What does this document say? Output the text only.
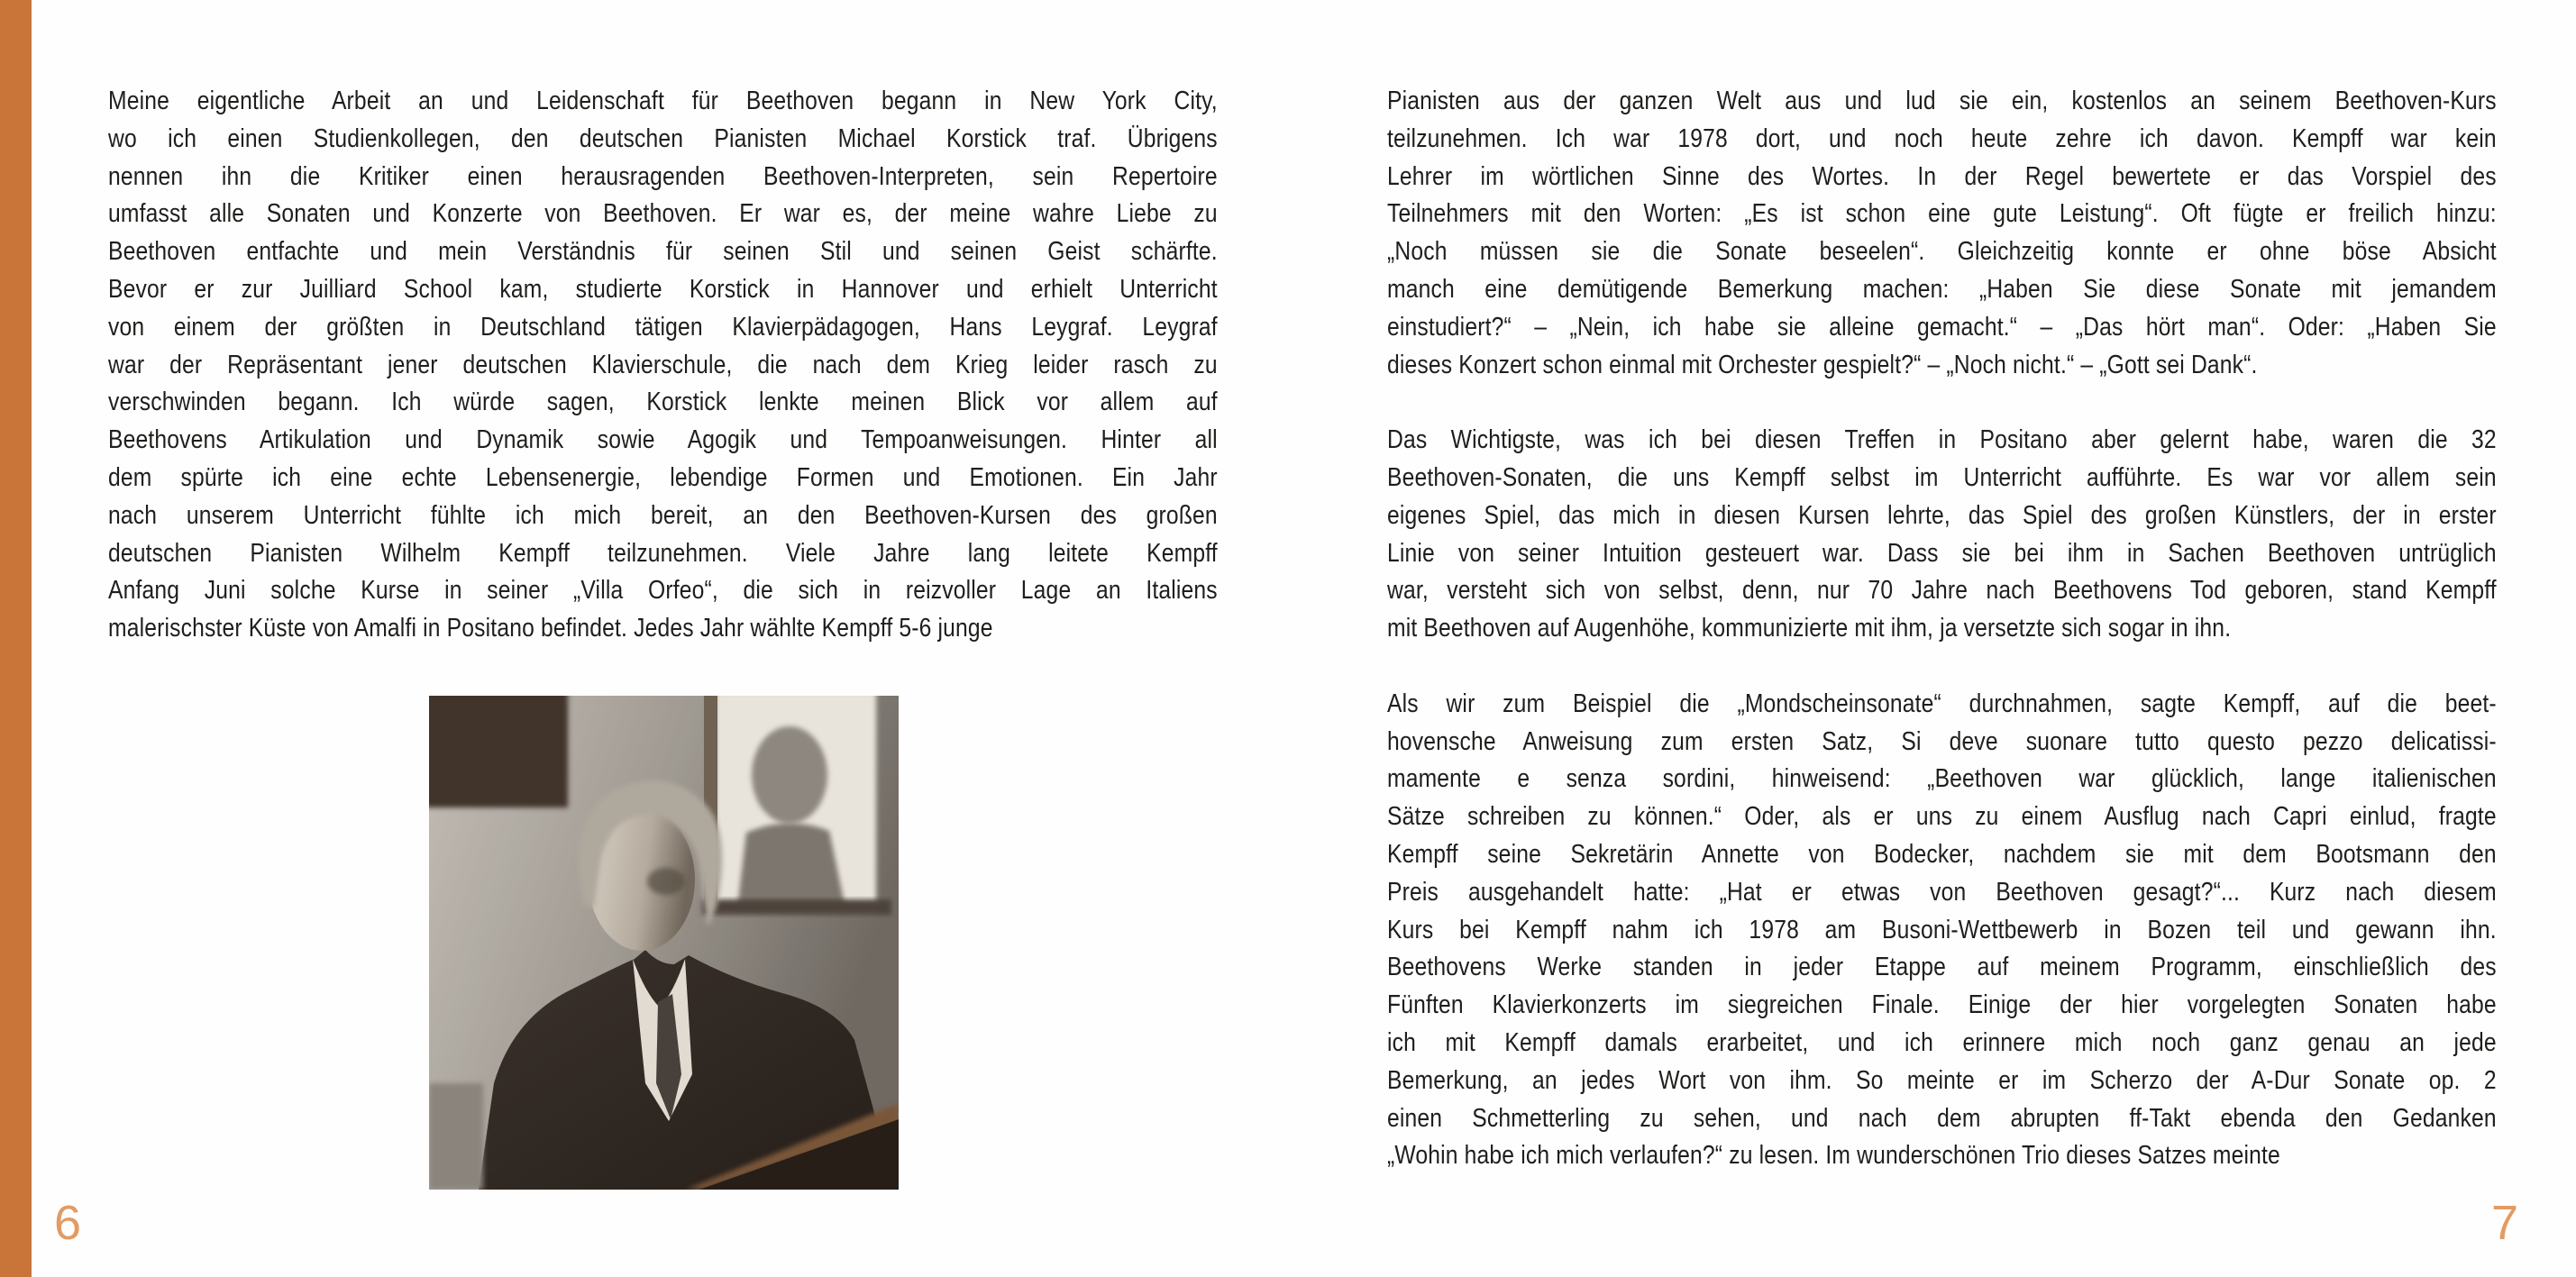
Meine eigentliche Arbeit an und Leidenschaft für Beethoven begann in New York City,
wo ich einen Studienkollegen, den deutschen Pianisten Michael Korstick traf. Übrigens
nennen ihn die Kritiker einen herausragenden Beethoven-Interpreten, sein Repertoire
umfasst alle Sonaten und Konzerte von Beethoven. Er war es, der meine wahre Liebe zu
Beethoven entfachte und mein Verständnis für seinen Stil und seinen Geist schärfte.
Bevor er zur Juilliard School kam, studierte Korstick in Hannover und erhielt Unterricht
von einem der größten in Deutschland tätigen Klavierpädagogen, Hans Leygraf. Leygraf
war der Repräsentant jener deutschen Klavierschule, die nach dem Krieg leider rasch zu
verschwinden begann. Ich würde sagen, Korstick lenkte meinen Blick vor allem auf
Beethovens Artikulation und Dynamik sowie Agogik und Tempoanweisungen. Hinter all
dem spürte ich eine echte Lebensenergie, lebendige Formen und Emotionen. Ein Jahr
nach unserem Unterricht fühlte ich mich bereit, an den Beethoven-Kursen des großen
deutschen Pianisten Wilhelm Kempff teilzunehmen. Viele Jahre lang leitete Kempff
Anfang Juni solche Kurse in seiner „Villa Orfeo“, die sich in reizvoller Lage an Italiens
malerischster Küste von Amalfi in Positano befindet. Jedes Jahr wählte Kempff 5-6 junge

6

Pianisten aus der ganzen Welt aus und lud sie ein, kostenlos an seinem Beethoven-Kurs
teilzunehmen. Ich war 1978 dort, und noch heute zehre ich davon. Kempff war kein
Lehrer im wörtlichen Sinne des Wortes. In der Regel bewertete er das Vorspiel des
Teilnehmers mit den Worten: „Es ist schon eine gute Leistung“. Oft fügte er freilich hinzu:
„Noch müssen sie die Sonate beseelen“. Gleichzeitig konnte er ohne böse Absicht
manch eine demütigende Bemerkung machen: „Haben Sie diese Sonate mit jemandem
einstudiert?“ – „Nein, ich habe sie alleine gemacht.“ – „Das hört man“. Oder: „Haben Sie
dieses Konzert schon einmal mit Orchester gespielt?“ – „Noch nicht.“ – „Gott sei Dank“.

Das Wichtigste, was ich bei diesen Treffen in Positano aber gelernt habe, waren die 32
Beethoven-Sonaten, die uns Kempff selbst im Unterricht aufführte. Es war vor allem sein
eigenes Spiel, das mich in diesen Kursen lehrte, das Spiel des großen Künstlers, der in erster
Linie von seiner Intuition gesteuert war. Dass sie bei ihm in Sachen Beethoven untrüglich
war, versteht sich von selbst, denn, nur 70 Jahre nach Beethovens Tod geboren, stand Kempff
mit Beethoven auf Augenhöhe, kommunizierte mit ihm, ja versetzte sich sogar in ihn.

Als wir zum Beispiel die „Mondscheinsonate“ durchnahmen, sagte Kempff, auf die beet-
hovensche Anweisung zum ersten Satz, Si deve suonare tutto questo pezzo delicatissi-
mamente e senza sordini, hinweisend: „Beethoven war glücklich, lange italienischen
Sätze schreiben zu können.“ Oder, als er uns zu einem Ausflug nach Capri einlud, fragte
Kempff seine Sekretärin Annette von Bodecker, nachdem sie mit dem Bootsmann den
Preis ausgehandelt hatte: „Hat er etwas von Beethoven gesagt?“... Kurz nach diesem
Kurs bei Kempff nahm ich 1978 am Busoni-Wettbewerb in Bozen teil und gewann ihn.
Beethovens Werke standen in jeder Etappe auf meinem Programm, einschließlich des
Fünften Klavierkonzerts im siegreichen Finale. Einige der hier vorgelegten Sonaten habe
ich mit Kempff damals erarbeitet, und ich erinnere mich noch ganz genau an jede
Bemerkung, an jedes Wort von ihm. So meinte er im Scherzo der A-Dur Sonate op. 2
einen Schmetterling zu sehen, und nach dem abrupten ff-Takt ebenda den Gedanken
„Wohin habe ich mich verlaufen?“ zu lesen. Im wunderschönen Trio dieses Satzes meinte

7
